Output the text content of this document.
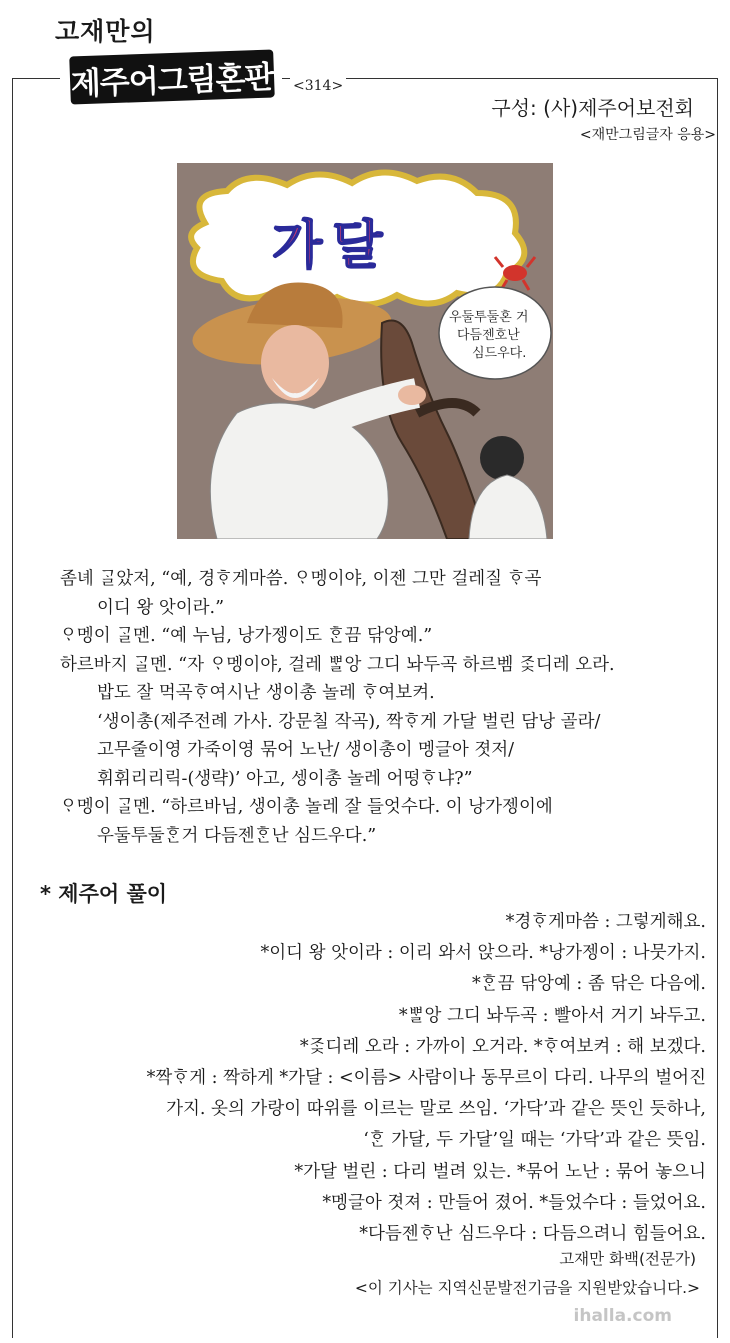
고재만의
제주어그림혼판 <314>
구성: (사)제주어보전회
<재만그림글자 응용>
가달
우둘투둘혼 거
다듬젠호난
심드우다.
좀녜 ᄀᆞᆯ았저, “예, 경ᄒᆞ게마씀. ᄋᆞ멩이야, 이젠 그만 걸레질 ᄒᆞ곡
이디 왕 앗이라.”
ᄋᆞ멩이 ᄀᆞᆯ멘. “예 누님, 낭가젱이도 ᄒᆞᆫ끔 닦앙예.”
하르바지 ᄀᆞᆯ멘. “자 ᄋᆞ멩이야, 걸레 ᄈᆞᆯ앙 그디 놔두곡 하르벰 ᄌᆞᆽ디레 오라.
밥도 잘 먹곡ᄒᆞ여시난 생이총 놀레 ᄒᆞ여보켜.
‘생이총(제주전례 가사. 강문칠 작곡), 짝ᄒᆞ게 가달 벌린 담낭 골라/
고무줄이영 가죽이영 묶어 노난/ 생이총이 멩글아 졋저/
휘휘리리릭-(생략)’ 아고, 셍이총 놀레 어떵ᄒᆞ냐?”
ᄋᆞ멩이 ᄀᆞᆯ멘. “하르바님, 생이총 놀레 잘 들엇수다. 이 낭가젱이에
우둘투둘ᄒᆞᆫ거 다듬젠ᄒᆞᆫ난 심드우다.”
* 제주어 풀이
*경ᄒᆞ게마씀 : 그렇게해요.
*이디 왕 앗이라 : 이리 와서 앉으라. *낭가젱이 : 나뭇가지.
*ᄒᆞᆫ끔 닦앙예 : 좀 닦은 다음에.
*ᄈᆞᆯ앙 그디 놔두곡 : 빨아서 거기 놔두고.
*ᄌᆞᆽ디레 오라 : 가까이 오거라. *ᄒᆞ여보켜 : 해 보겠다.
*짝ᄒᆞ게 : 짝하게 *가달 : <이름> 사람이나 동무르이 다리. 나무의 벌어진
가지. 옷의 가랑이 따위를 이르는 말로 쓰임. ‘가닥’과 같은 뜻인 듯하나,
‘ᄒᆞᆫ 가달, 두 가달’일 때는 ‘가닥’과 같은 뜻임.
*가달 벌린 : 다리 벌려 있는. *묶어 노난 : 묶어 놓으니
*멩글아 졋져 : 만들어 졌어. *들었수다 : 들었어요.
*다듬젠ᄒᆞ난 심드우다 : 다듬으려니 힘들어요.
고재만 화백(전문가)
<이 기사는 지역신문발전기금을 지원받았습니다.>
ihalla.com
